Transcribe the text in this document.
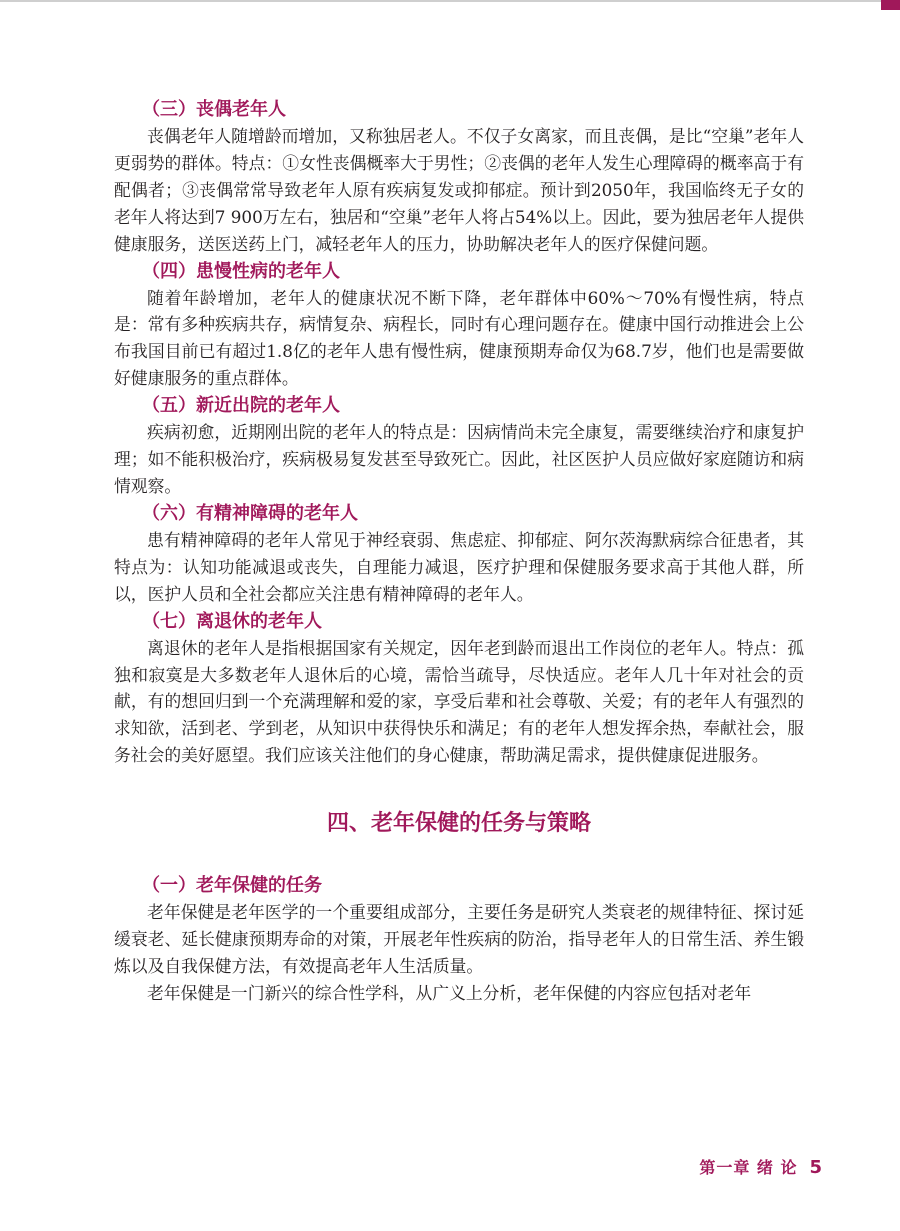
（三）丧偶老年人

丧偶老年人随增龄而增加，又称独居老人。不仅子女离家，而且丧偶，是比“空巢”老年人更弱势的群体。特点：①女性丧偶概率大于男性；②丧偶的老年人发生心理障碍的概率高于有配偶者；③丧偶常常导致老年人原有疾病复发或抑郁症。预计到2050年，我国临终无子女的老年人将达到7 900万左右，独居和“空巢”老年人将占54%以上。因此，要为独居老年人提供健康服务，送医送药上门，减轻老年人的压力，协助解决老年人的医疗保健问题。

（四）患慢性病的老年人

随着年龄增加，老年人的健康状况不断下降，老年群体中60%～70%有慢性病，特点是：常有多种疾病共存，病情复杂、病程长，同时有心理问题存在。健康中国行动推进会上公布我国目前已有超过1.8亿的老年人患有慢性病，健康预期寿命仅为68.7岁，他们也是需要做好健康服务的重点群体。

（五）新近出院的老年人

疾病初愈，近期刚出院的老年人的特点是：因病情尚未完全康复，需要继续治疗和康复护理；如不能积极治疗，疾病极易复发甚至导致死亡。因此，社区医护人员应做好家庭随访和病情观察。

（六）有精神障碍的老年人

患有精神障碍的老年人常见于神经衰弱、焦虑症、抑郁症、阿尔茨海默病综合征患者，其特点为：认知功能减退或丧失，自理能力减退，医疗护理和保健服务要求高于其他人群，所以，医护人员和全社会都应关注患有精神障碍的老年人。

（七）离退休的老年人

离退休的老年人是指根据国家有关规定，因年老到龄而退出工作岗位的老年人。特点：孤独和寂寞是大多数老年人退休后的心境，需恰当疏导，尽快适应。老年人几十年对社会的贡献，有的想回归到一个充满理解和爱的家，享受后辈和社会尊敬、关爱；有的老年人有强烈的求知欲，活到老、学到老，从知识中获得快乐和满足；有的老年人想发挥余热，奉献社会，服务社会的美好愿望。我们应该关注他们的身心健康，帮助满足需求，提供健康促进服务。

四、老年保健的任务与策略
（一）老年保健的任务

老年保健是老年医学的一个重要组成部分，主要任务是研究人类衰老的规律特征、探讨延缓衰老、延长健康预期寿命的对策，开展老年性疾病的防治，指导老年人的日常生活、养生锻炼以及自我保健方法，有效提高老年人生活质量。

老年保健是一门新兴的综合性学科，从广义上分析，老年保健的内容应包括对老年

第一章 绪 论 5
